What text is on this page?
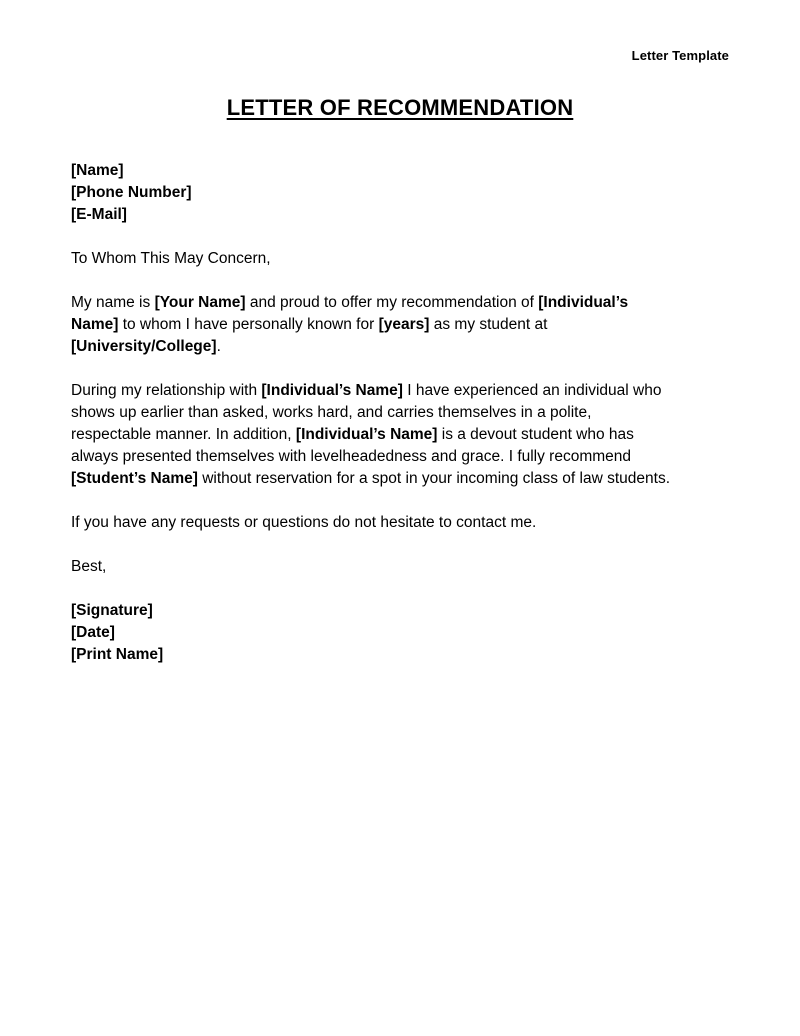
Letter Template
LETTER OF RECOMMENDATION
[Name]
[Phone Number]
[E-Mail]
To Whom This May Concern,
My name is [Your Name] and proud to offer my recommendation of [Individual’s
Name] to whom I have personally known for [years] as my student at
[University/College].
During my relationship with [Individual’s Name] I have experienced an individual who
shows up earlier than asked, works hard, and carries themselves in a polite,
respectable manner. In addition, [Individual’s Name] is a devout student who has
always presented themselves with levelheadedness and grace. I fully recommend
[Student’s Name] without reservation for a spot in your incoming class of law students.
If you have any requests or questions do not hesitate to contact me.
Best,
[Signature]
[Date]
[Print Name]
